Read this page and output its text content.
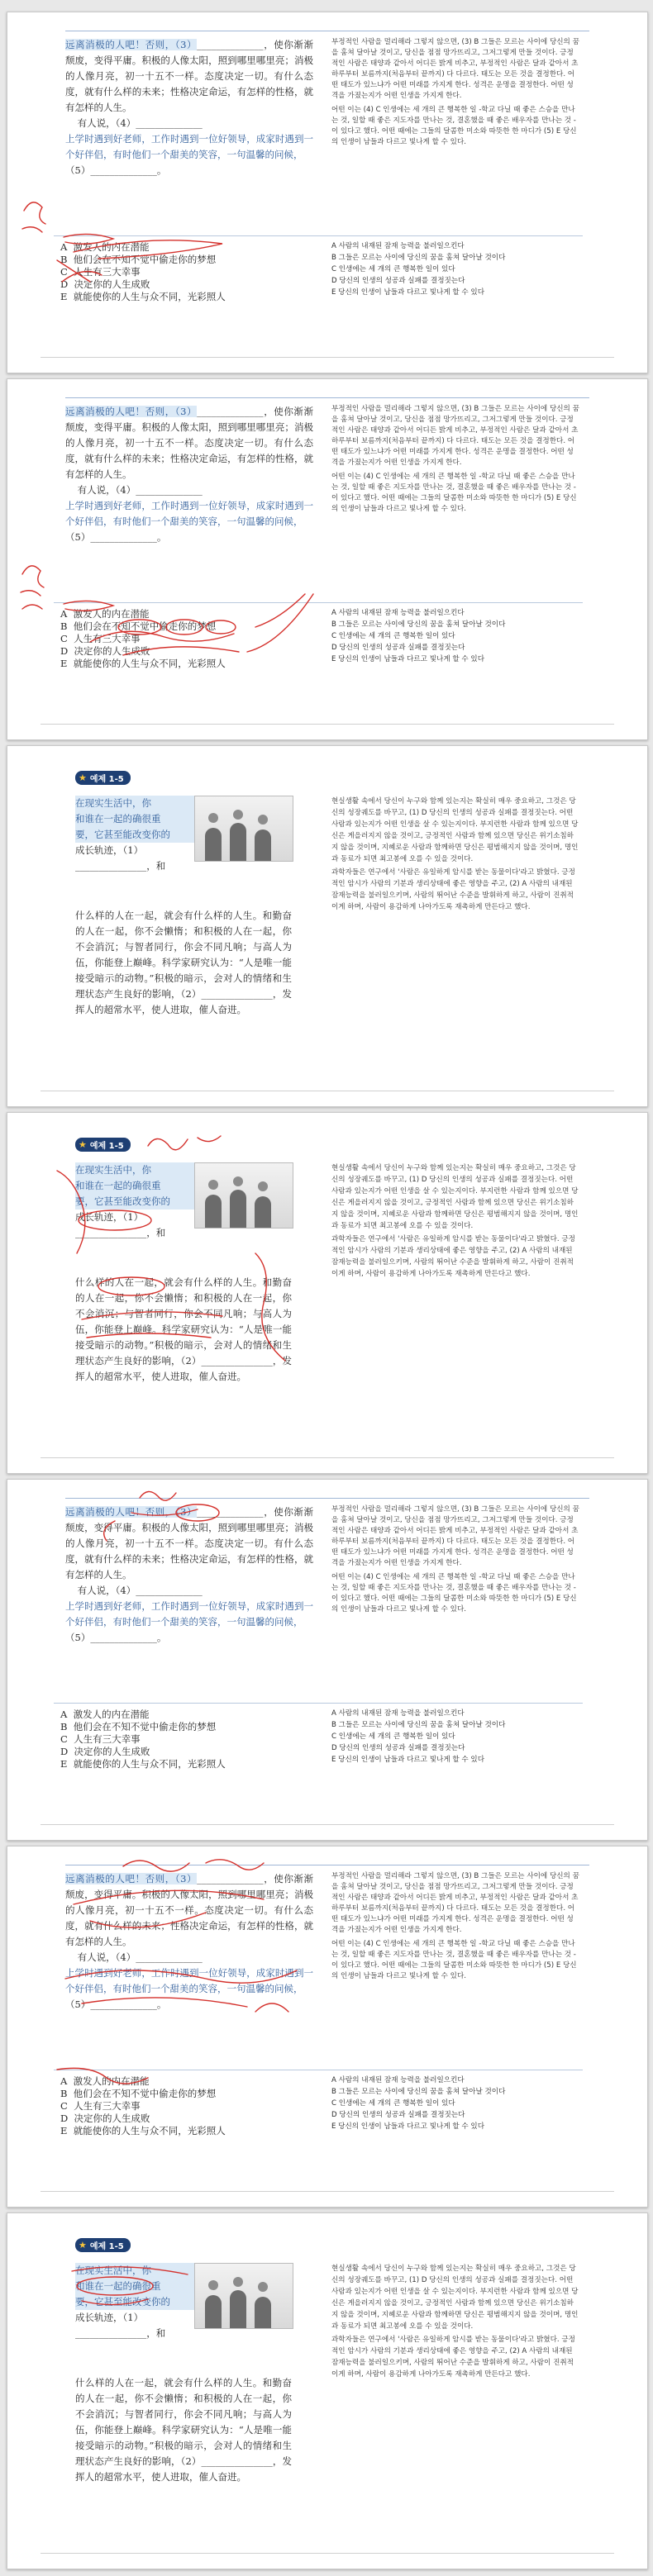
远离消极的人吧！否则，（3）______________，使你渐渐颓废，变得平庸。积极的人像太阳，照到哪里哪里亮；消极的人像月亮，初一十五不一样。态度决定一切。有什么态度，就有什么样的未来；性格决定命运，有怎样的性格，就有怎样的人生。
有人说，（4）______________
上学时遇到好老师，工作时遇到一位好领导，成家时遇到一个好伴侣，有时他们一个甜美的笑容，一句温馨的问候，
（5）______________。
부정적인 사람을 멀리해라 그렇지 않으면, (3) B 그들은 모르는 사이에 당신의 꿈을 훔쳐 달아날 것이고, 당신을 점점 망가뜨리고, 그저그렇게 만들 것이다. 긍정적인 사람은 태양과 같아서 어디든 밝게 비추고, 부정적인 사람은 달과 같아서 초하루부터 보름까지(처음부터 끝까지) 다 다르다. 태도는 모든 것을 결정한다. 어떤 태도가 있느냐가 어떤 미래를 가지게 한다. 성격은 운명을 결정한다. 어떤 성격을 가졌는지가 어떤 인생을 가지게 한다.
어떤 이는 (4) C 인생에는 세 개의 큰 행복한 일 -학교 다닐 때 좋은 스승을 만나는 것, 일할 때 좋은 지도자를 만나는 것, 결혼했을 때 좋은 배우자를 만나는 것 - 이 있다고 했다. 어떤 때에는 그들의 달콤한 미소와 따뜻한 한 마디가 (5) E 당신의 인생이 남들과 다르고 빛나게 할 수 있다.
A 激发人的内在潜能
B 他们会在不知不觉中偷走你的梦想
C 人生有三大幸事
D 决定你的人生成败
E 就能使你的人生与众不同，光彩照人
A 사람의 내재된 잠재 능력을 불러일으킨다
B 그들은 모르는 사이에 당신의 꿈을 훔쳐 달아날 것이다
C 인생에는 세 개의 큰 행복한 일이 있다
D 당신의 인생의 성공과 실패를 결정짓는다
E 당신의 인생이 남들과 다르고 빛나게 할 수 있다
远离消极的人吧！否则，（3）______________，使你渐渐颓废，变得平庸。积极的人像太阳，照到哪里哪里亮；消极的人像月亮，初一十五不一样。态度决定一切。有什么态度，就有什么样的未来；性格决定命运，有怎样的性格，就有怎样的人生。
有人说，（4）______________
上学时遇到好老师，工作时遇到一位好领导，成家时遇到一个好伴侣，有时他们一个甜美的笑容，一句温馨的问候，
（5）______________。
부정적인 사람을 멀리해라 그렇지 않으면, (3) B 그들은 모르는 사이에 당신의 꿈을 훔쳐 달아날 것이고, 당신을 점점 망가뜨리고, 그저그렇게 만들 것이다. 긍정적인 사람은 태양과 같아서 어디든 밝게 비추고, 부정적인 사람은 달과 같아서 초하루부터 보름까지(처음부터 끝까지) 다 다르다. 태도는 모든 것을 결정한다. 어떤 태도가 있느냐가 어떤 미래를 가지게 한다. 성격은 운명을 결정한다. 어떤 성격을 가졌는지가 어떤 인생을 가지게 한다.
어떤 이는 (4) C 인생에는 세 개의 큰 행복한 일 -학교 다닐 때 좋은 스승을 만나는 것, 일할 때 좋은 지도자를 만나는 것, 결혼했을 때 좋은 배우자를 만나는 것 - 이 있다고 했다. 어떤 때에는 그들의 달콤한 미소와 따뜻한 한 마디가 (5) E 당신의 인생이 남들과 다르고 빛나게 할 수 있다.
A 激发人的内在潜能
B 他们会在不知不觉中偷走你的梦想
C 人生有三大幸事
D 决定你的人生成败
E 就能使你的人生与众不同，光彩照人
A 사람의 내재된 잠재 능력을 불러일으킨다
B 그들은 모르는 사이에 당신의 꿈을 훔쳐 달아날 것이다
C 인생에는 세 개의 큰 행복한 일이 있다
D 당신의 인생의 성공과 실패를 결정짓는다
E 당신의 인생이 남들과 다르고 빛나게 할 수 있다
★ 예제 1-5
在现实生活中，你
和谁在一起的确很重
要，它甚至能改变你的
成长轨迹，（1）
_______________，和
什么样的人在一起，就会有什么样的人生。和勤奋的人在一起，你不会懒惰；和积极的人在一起，你不会消沉；与智者同行，你会不同凡响；与高人为伍，你能登上巅峰。科学家研究认为：“人是唯一能接受暗示的动物。”积极的暗示，会对人的情绪和生理状态产生良好的影响，（2）_______________，发挥人的超常水平，使人进取，催人奋进。
현실생활 속에서 당신이 누구와 함께 있는지는 확실히 매우 중요하고, 그것은 당신의 성장궤도를 바꾸고, (1) D 당신의 인생의 성공과 실패를 결정짓는다. 어떤 사람과 있는지가 어떤 인생을 살 수 있는지이다. 부지런한 사람과 함께 있으면 당신은 게을러지지 않을 것이고, 긍정적인 사람과 함께 있으면 당신은 위기소침하지 않을 것이며, 지혜로운 사람과 함께하면 당신은 평범해지지 않을 것이며, 명인과 동료가 되면 최고봉에 오를 수 있을 것이다.
과학자들은 연구에서 '사람은 유일하게 암시를 받는 동물이다'라고 밝혔다. 긍정적인 암시가 사람의 기분과 생리상태에 좋은 영향을 주고, (2) A 사람의 내재된 잠재능력을 불러일으키며, 사람의 뛰어난 수준을 발휘하게 하고, 사람이 진취적이게 하며, 사람이 용감하게 나아가도록 재촉하게 만든다고 했다.
★ 예제 1-5
在现实生活中，你
和谁在一起的确很重
要，它甚至能改变你的
成长轨迹，（1）
_______________，和
什么样的人在一起，就会有什么样的人生。和勤奋的人在一起，你不会懒惰；和积极的人在一起，你不会消沉；与智者同行，你会不同凡响；与高人为伍，你能登上巅峰。科学家研究认为：“人是唯一能接受暗示的动物。”积极的暗示，会对人的情绪和生理状态产生良好的影响，（2）_______________，发挥人的超常水平，使人进取，催人奋进。
현실생활 속에서 당신이 누구와 함께 있는지는 확실히 매우 중요하고, 그것은 당신의 성장궤도를 바꾸고, (1) D 당신의 인생의 성공과 실패를 결정짓는다. 어떤 사람과 있는지가 어떤 인생을 살 수 있는지이다. 부지런한 사람과 함께 있으면 당신은 게을러지지 않을 것이고, 긍정적인 사람과 함께 있으면 당신은 위기소침하지 않을 것이며, 지혜로운 사람과 함께하면 당신은 평범해지지 않을 것이며, 명인과 동료가 되면 최고봉에 오를 수 있을 것이다.
과학자들은 연구에서 '사람은 유일하게 암시를 받는 동물이다'라고 밝혔다. 긍정적인 암시가 사람의 기분과 생리상태에 좋은 영향을 주고, (2) A 사람의 내재된 잠재능력을 불러일으키며, 사람의 뛰어난 수준을 발휘하게 하고, 사람이 진취적이게 하며, 사람이 용감하게 나아가도록 재촉하게 만든다고 했다.
远离消极的人吧！否则，（3）______________，使你渐渐颓废，变得平庸。积极的人像太阳，照到哪里哪里亮；消极的人像月亮，初一十五不一样。态度决定一切。有什么态度，就有什么样的未来；性格决定命运，有怎样的性格，就有怎样的人生。
有人说，（4）______________
上学时遇到好老师，工作时遇到一位好领导，成家时遇到一个好伴侣，有时他们一个甜美的笑容，一句温馨的问候，
（5）______________。
부정적인 사람을 멀리해라 그렇지 않으면, (3) B 그들은 모르는 사이에 당신의 꿈을 훔쳐 달아날 것이고, 당신을 점점 망가뜨리고, 그저그렇게 만들 것이다. 긍정적인 사람은 태양과 같아서 어디든 밝게 비추고, 부정적인 사람은 달과 같아서 초하루부터 보름까지(처음부터 끝까지) 다 다르다. 태도는 모든 것을 결정한다. 어떤 태도가 있느냐가 어떤 미래를 가지게 한다. 성격은 운명을 결정한다. 어떤 성격을 가졌는지가 어떤 인생을 가지게 한다.
어떤 이는 (4) C 인생에는 세 개의 큰 행복한 일 -학교 다닐 때 좋은 스승을 만나는 것, 일할 때 좋은 지도자를 만나는 것, 결혼했을 때 좋은 배우자를 만나는 것 - 이 있다고 했다. 어떤 때에는 그들의 달콤한 미소와 따뜻한 한 마디가 (5) E 당신의 인생이 남들과 다르고 빛나게 할 수 있다.
A 激发人的内在潜能
B 他们会在不知不觉中偷走你的梦想
C 人生有三大幸事
D 决定你的人生成败
E 就能使你的人生与众不同，光彩照人
A 사람의 내재된 잠재 능력을 불러일으킨다
B 그들은 모르는 사이에 당신의 꿈을 훔쳐 달아날 것이다
C 인생에는 세 개의 큰 행복한 일이 있다
D 당신의 인생의 성공과 실패를 결정짓는다
E 당신의 인생이 남들과 다르고 빛나게 할 수 있다
远离消极的人吧！否则，（3）______________，使你渐渐颓废，变得平庸。积极的人像太阳，照到哪里哪里亮；消极的人像月亮，初一十五不一样。态度决定一切。有什么态度，就有什么样的未来；性格决定命运，有怎样的性格，就有怎样的人生。
有人说，（4）______________
上学时遇到好老师，工作时遇到一位好领导，成家时遇到一个好伴侣，有时他们一个甜美的笑容，一句温馨的问候，
（5）______________。
부정적인 사람을 멀리해라 그렇지 않으면, (3) B 그들은 모르는 사이에 당신의 꿈을 훔쳐 달아날 것이고, 당신을 점점 망가뜨리고, 그저그렇게 만들 것이다. 긍정적인 사람은 태양과 같아서 어디든 밝게 비추고, 부정적인 사람은 달과 같아서 초하루부터 보름까지(처음부터 끝까지) 다 다르다. 태도는 모든 것을 결정한다. 어떤 태도가 있느냐가 어떤 미래를 가지게 한다. 성격은 운명을 결정한다. 어떤 성격을 가졌는지가 어떤 인생을 가지게 한다.
어떤 이는 (4) C 인생에는 세 개의 큰 행복한 일 -학교 다닐 때 좋은 스승을 만나는 것, 일할 때 좋은 지도자를 만나는 것, 결혼했을 때 좋은 배우자를 만나는 것 - 이 있다고 했다. 어떤 때에는 그들의 달콤한 미소와 따뜻한 한 마디가 (5) E 당신의 인생이 남들과 다르고 빛나게 할 수 있다.
A 激发人的内在潜能
B 他们会在不知不觉中偷走你的梦想
C 人生有三大幸事
D 决定你的人生成败
E 就能使你的人生与众不同，光彩照人
A 사람의 내재된 잠재 능력을 불러일으킨다
B 그들은 모르는 사이에 당신의 꿈을 훔쳐 달아날 것이다
C 인생에는 세 개의 큰 행복한 일이 있다
D 당신의 인생의 성공과 실패를 결정짓는다
E 당신의 인생이 남들과 다르고 빛나게 할 수 있다
★ 예제 1-5
在现实生活中，你
和谁在一起的确很重
要，它甚至能改变你的
成长轨迹，（1）
_______________，和
什么样的人在一起，就会有什么样的人生。和勤奋的人在一起，你不会懒惰；和积极的人在一起，你不会消沉；与智者同行，你会不同凡响；与高人为伍，你能登上巅峰。科学家研究认为：“人是唯一能接受暗示的动物。”积极的暗示，会对人的情绪和生理状态产生良好的影响，（2）_______________，发挥人的超常水平，使人进取，催人奋进。
현실생활 속에서 당신이 누구와 함께 있는지는 확실히 매우 중요하고, 그것은 당신의 성장궤도를 바꾸고, (1) D 당신의 인생의 성공과 실패를 결정짓는다. 어떤 사람과 있는지가 어떤 인생을 살 수 있는지이다. 부지런한 사람과 함께 있으면 당신은 게을러지지 않을 것이고, 긍정적인 사람과 함께 있으면 당신은 위기소침하지 않을 것이며, 지혜로운 사람과 함께하면 당신은 평범해지지 않을 것이며, 명인과 동료가 되면 최고봉에 오를 수 있을 것이다.
과학자들은 연구에서 '사람은 유일하게 암시를 받는 동물이다'라고 밝혔다. 긍정적인 암시가 사람의 기분과 생리상태에 좋은 영향을 주고, (2) A 사람의 내재된 잠재능력을 불러일으키며, 사람의 뛰어난 수준을 발휘하게 하고, 사람이 진취적이게 하며, 사람이 용감하게 나아가도록 재촉하게 만든다고 했다.
